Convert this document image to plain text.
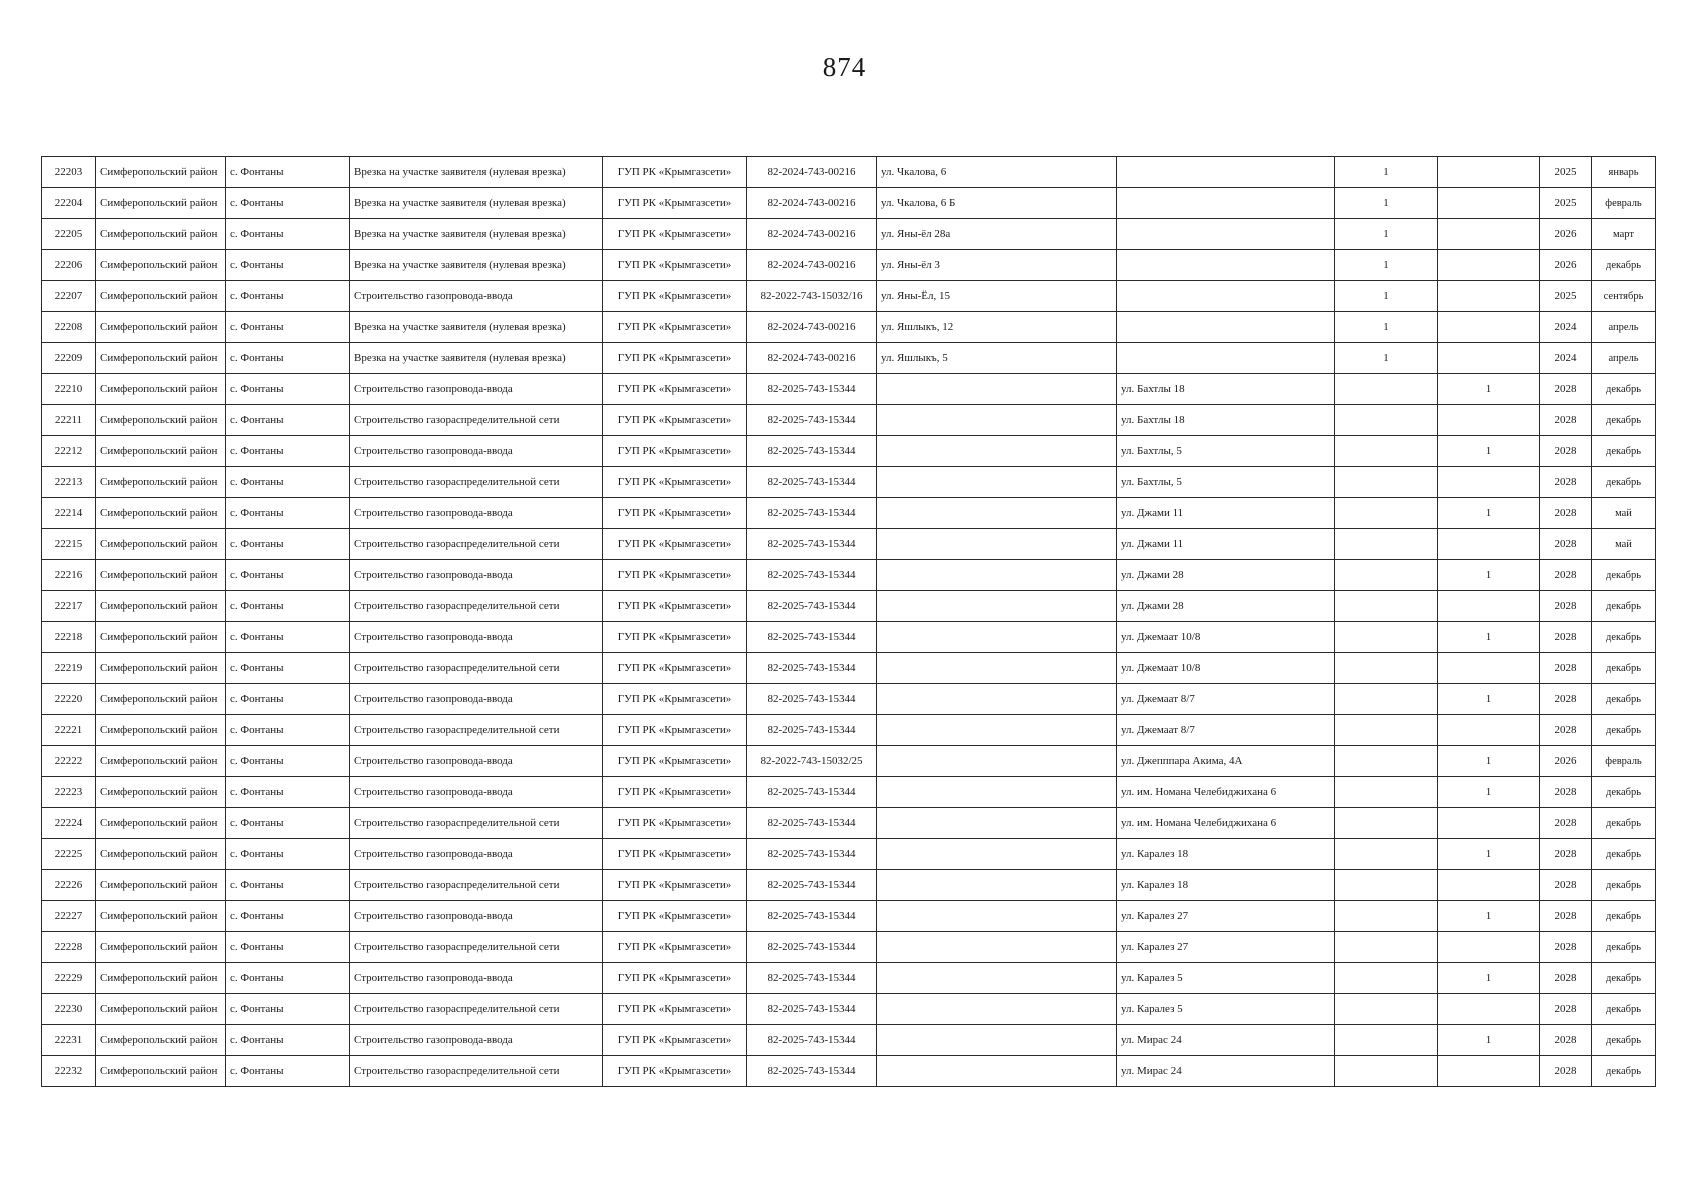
874
22203	Симферопольский район	с. Фонтаны	Врезка на участке заявителя (нулевая врезка)	ГУП РК «Крымгазсети»	82-2024-743-00216	ул. Чкалова, 6		1		2025	январь
22204	Симферопольский район	с. Фонтаны	Врезка на участке заявителя (нулевая врезка)	ГУП РК «Крымгазсети»	82-2024-743-00216	ул. Чкалова, 6 Б		1		2025	февраль
22205	Симферопольский район	с. Фонтаны	Врезка на участке заявителя (нулевая врезка)	ГУП РК «Крымгазсети»	82-2024-743-00216	ул. Яны-ёл 28а		1		2026	март
22206	Симферопольский район	с. Фонтаны	Врезка на участке заявителя (нулевая врезка)	ГУП РК «Крымгазсети»	82-2024-743-00216	ул. Яны-ёл 3		1		2026	декабрь
22207	Симферопольский район	с. Фонтаны	Строительство газопровода-ввода	ГУП РК «Крымгазсети»	82-2022-743-15032/16	ул. Яны-Ёл, 15		1		2025	сентябрь
22208	Симферопольский район	с. Фонтаны	Врезка на участке заявителя (нулевая врезка)	ГУП РК «Крымгазсети»	82-2024-743-00216	ул. Яшлыкъ, 12		1		2024	апрель
22209	Симферопольский район	с. Фонтаны	Врезка на участке заявителя (нулевая врезка)	ГУП РК «Крымгазсети»	82-2024-743-00216	ул. Яшлыкъ, 5		1		2024	апрель
22210	Симферопольский район	с. Фонтаны	Строительство газопровода-ввода	ГУП РК «Крымгазсети»	82-2025-743-15344		ул. Бахтлы 18		1	2028	декабрь
22211	Симферопольский район	с. Фонтаны	Строительство газораспределительной сети	ГУП РК «Крымгазсети»	82-2025-743-15344		ул. Бахтлы 18			2028	декабрь
22212	Симферопольский район	с. Фонтаны	Строительство газопровода-ввода	ГУП РК «Крымгазсети»	82-2025-743-15344		ул. Бахтлы, 5		1	2028	декабрь
22213	Симферопольский район	с. Фонтаны	Строительство газораспределительной сети	ГУП РК «Крымгазсети»	82-2025-743-15344		ул. Бахтлы, 5			2028	декабрь
22214	Симферопольский район	с. Фонтаны	Строительство газопровода-ввода	ГУП РК «Крымгазсети»	82-2025-743-15344		ул. Джами 11		1	2028	май
22215	Симферопольский район	с. Фонтаны	Строительство газораспределительной сети	ГУП РК «Крымгазсети»	82-2025-743-15344		ул. Джами 11			2028	май
22216	Симферопольский район	с. Фонтаны	Строительство газопровода-ввода	ГУП РК «Крымгазсети»	82-2025-743-15344		ул. Джами 28		1	2028	декабрь
22217	Симферопольский район	с. Фонтаны	Строительство газораспределительной сети	ГУП РК «Крымгазсети»	82-2025-743-15344		ул. Джами 28			2028	декабрь
22218	Симферопольский район	с. Фонтаны	Строительство газопровода-ввода	ГУП РК «Крымгазсети»	82-2025-743-15344		ул. Джемаат 10/8		1	2028	декабрь
22219	Симферопольский район	с. Фонтаны	Строительство газораспределительной сети	ГУП РК «Крымгазсети»	82-2025-743-15344		ул. Джемаат 10/8			2028	декабрь
22220	Симферопольский район	с. Фонтаны	Строительство газопровода-ввода	ГУП РК «Крымгазсети»	82-2025-743-15344		ул. Джемаат 8/7		1	2028	декабрь
22221	Симферопольский район	с. Фонтаны	Строительство газораспределительной сети	ГУП РК «Крымгазсети»	82-2025-743-15344		ул. Джемаат 8/7			2028	декабрь
22222	Симферопольский район	с. Фонтаны	Строительство газопровода-ввода	ГУП РК «Крымгазсети»	82-2022-743-15032/25		ул. Джепппара Акима, 4А		1	2026	февраль
22223	Симферопольский район	с. Фонтаны	Строительство газопровода-ввода	ГУП РК «Крымгазсети»	82-2025-743-15344		ул. им. Номана Челебиджихана 6		1	2028	декабрь
22224	Симферопольский район	с. Фонтаны	Строительство газораспределительной сети	ГУП РК «Крымгазсети»	82-2025-743-15344		ул. им. Номана Челебиджихана 6			2028	декабрь
22225	Симферопольский район	с. Фонтаны	Строительство газопровода-ввода	ГУП РК «Крымгазсети»	82-2025-743-15344		ул. Каралез 18		1	2028	декабрь
22226	Симферопольский район	с. Фонтаны	Строительство газораспределительной сети	ГУП РК «Крымгазсети»	82-2025-743-15344		ул. Каралез 18			2028	декабрь
22227	Симферопольский район	с. Фонтаны	Строительство газопровода-ввода	ГУП РК «Крымгазсети»	82-2025-743-15344		ул. Каралез 27		1	2028	декабрь
22228	Симферопольский район	с. Фонтаны	Строительство газораспределительной сети	ГУП РК «Крымгазсети»	82-2025-743-15344		ул. Каралез 27			2028	декабрь
22229	Симферопольский район	с. Фонтаны	Строительство газопровода-ввода	ГУП РК «Крымгазсети»	82-2025-743-15344		ул. Каралез 5		1	2028	декабрь
22230	Симферопольский район	с. Фонтаны	Строительство газораспределительной сети	ГУП РК «Крымгазсети»	82-2025-743-15344		ул. Каралез 5			2028	декабрь
22231	Симферопольский район	с. Фонтаны	Строительство газопровода-ввода	ГУП РК «Крымгазсети»	82-2025-743-15344		ул. Мирас 24		1	2028	декабрь
22232	Симферопольский район	с. Фонтаны	Строительство газораспределительной сети	ГУП РК «Крымгазсети»	82-2025-743-15344		ул. Мирас 24			2028	декабрь
